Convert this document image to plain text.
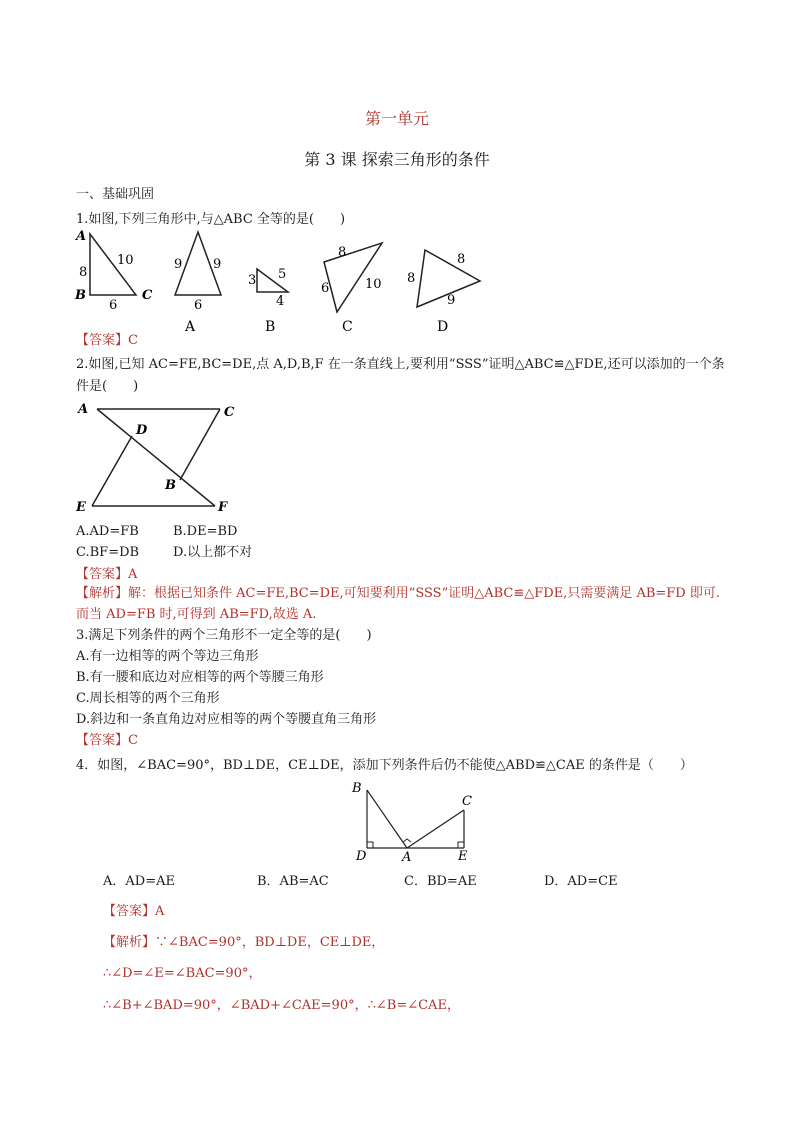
第一单元
第 3 课 探索三角形的条件
一、基础巩固
1.如图,下列三角形中,与△ABC 全等的是(　　)
A
B	C
8
10
6
9 9
6
3 5
4
8
6	10 8
8
9
A	B	C	D
【答案】C
2.如图,已知 AC=FE,BC=DE,点 A,D,B,F 在一条直线上,要利用“SSS”证明△ABC≌△FDE,还可以添加的一个条
件是(　　)
A	C
D
B
E	F
A.AD=FB	B.DE=BD
C.BF=DB	D.以上都不对
【答案】A
【解析】解：根据已知条件 AC=FE,BC=DE,可知要利用“SSS”证明△ABC≌△FDE,只需要满足 AB=FD 即可.
而当 AD=FB 时,可得到 AB=FD,故选 A.
3.满足下列条件的两个三角形不一定全等的是(　　)
A.有一边相等的两个等边三角形
B.有一腰和底边对应相等的两个等腰三角形
C.周长相等的两个三角形
D.斜边和一条直角边对应相等的两个等腰直角三角形
【答案】C
4．如图，∠BAC=90°，BD⊥DE，CE⊥DE，添加下列条件后仍不能使△ABD≌△CAE 的条件是（　　）
B
C
D	A	E
A．AD=AE	B．AB=AC	C．BD=AE	D．AD=CE
【答案】A
【解析】∵∠BAC=90°，BD⊥DE，CE⊥DE，
∴∠D=∠E=∠BAC=90°，
∴∠B+∠BAD=90°，∠BAD+∠CAE=90°，∴∠B=∠CAE，
